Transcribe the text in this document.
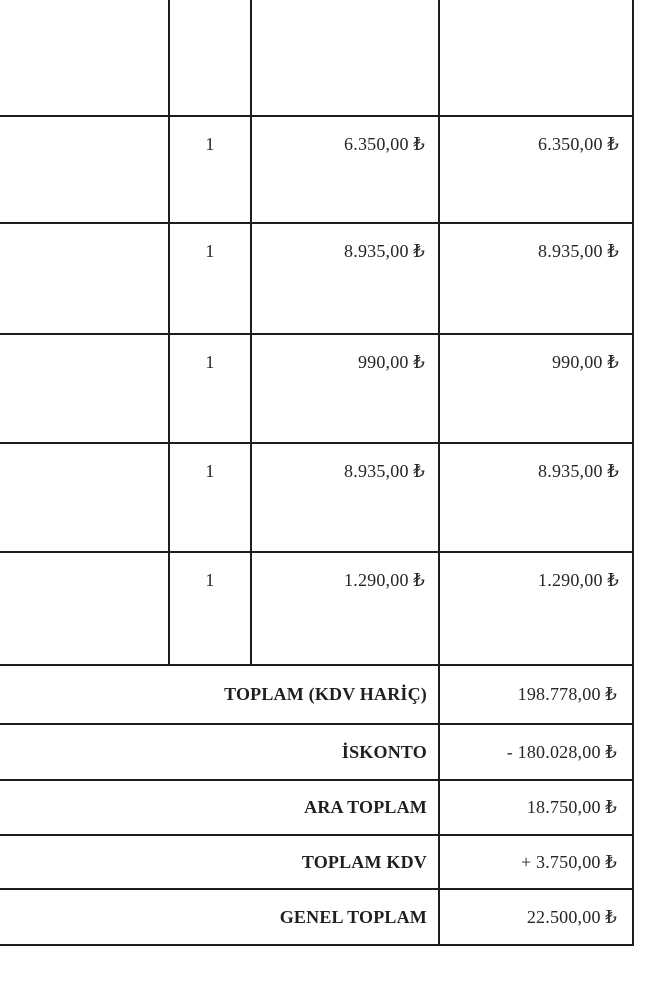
1	6.350,00 ₺	6.350,00 ₺
1	8.935,00 ₺	8.935,00 ₺
1	990,00 ₺	990,00 ₺
1	8.935,00 ₺	8.935,00 ₺
1	1.290,00 ₺	1.290,00 ₺
TOPLAM (KDV HARİÇ)	198.778,00 ₺
İSKONTO	- 180.028,00 ₺
ARA TOPLAM	18.750,00 ₺
TOPLAM KDV	+ 3.750,00 ₺
GENEL TOPLAM	22.500,00 ₺
